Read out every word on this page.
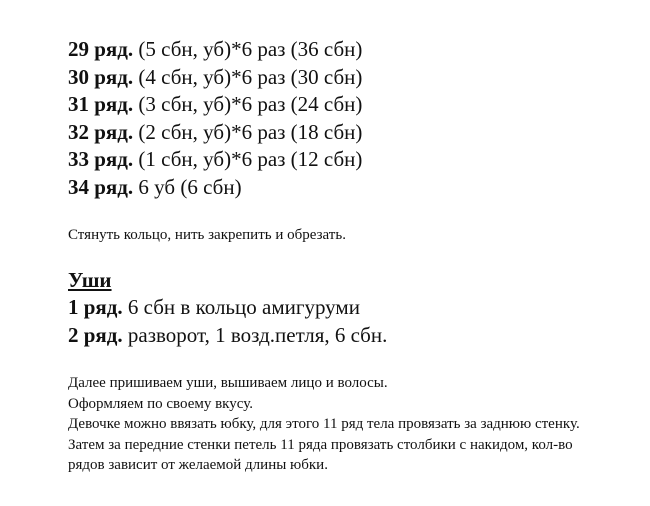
29 ряд. (5 сбн, уб)*6 раз (36 сбн)
30 ряд. (4 сбн, уб)*6 раз (30 сбн)
31 ряд. (3 сбн, уб)*6 раз (24 сбн)
32 ряд. (2 сбн, уб)*6 раз (18 сбн)
33 ряд. (1 сбн, уб)*6 раз (12 сбн)
34 ряд. 6 уб (6 сбн)

Стянуть кольцо, нить закрепить и обрезать.

Уши
1 ряд. 6 сбн в кольцо амигуруми
2 ряд. разворот, 1 возд.петля, 6 сбн.

Далее пришиваем уши, вышиваем лицо и волосы.

Оформляем по своему вкусу.

Девочке можно ввязать юбку, для этого 11 ряд тела провязать за заднюю стенку. Затем за передние стенки петель 11 ряда провязать столбики с накидом, кол-во рядов зависит от желаемой длины юбки.
